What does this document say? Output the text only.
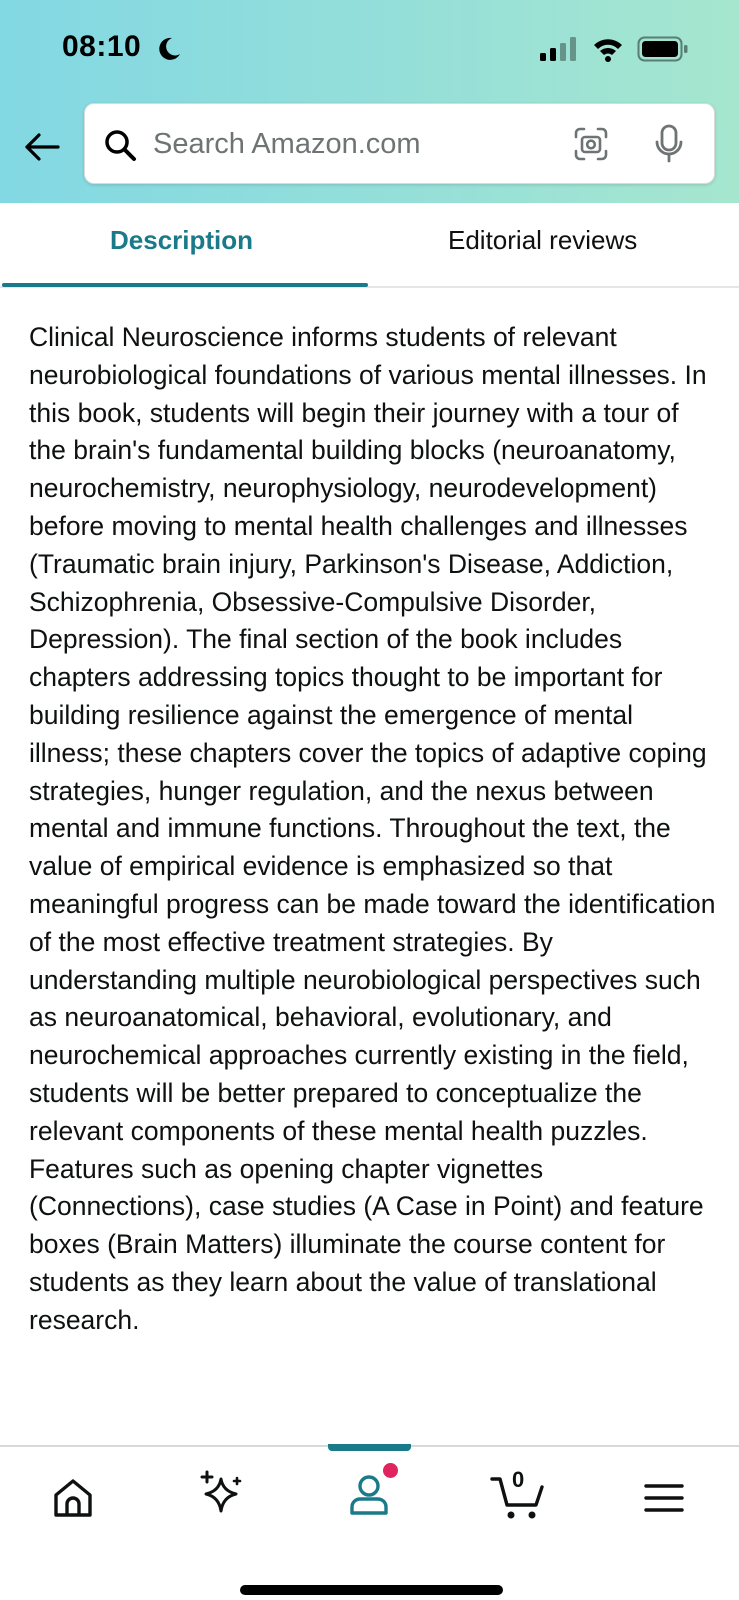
08:10
Search Amazon.com
Description	Editorial reviews

Clinical Neuroscience informs students of relevant neurobiological foundations of various mental illnesses. In this book, students will begin their journey with a tour of the brain's fundamental building blocks (neuroanatomy, neurochemistry, neurophysiology, neurodevelopment) before moving to mental health challenges and illnesses (Traumatic brain injury, Parkinson's Disease, Addiction, Schizophrenia, Obsessive-Compulsive Disorder, Depression). The final section of the book includes chapters addressing topics thought to be important for building resilience against the emergence of mental illness; these chapters cover the topics of adaptive coping strategies, hunger regulation, and the nexus between mental and immune functions. Throughout the text, the value of empirical evidence is emphasized so that meaningful progress can be made toward the identification of the most effective treatment strategies. By understanding multiple neurobiological perspectives such as neuroanatomical, behavioral, evolutionary, and neurochemical approaches currently existing in the field, students will be better prepared to conceptualize the relevant components of these mental health puzzles. Features such as opening chapter vignettes (Connections), case studies (A Case in Point) and feature boxes (Brain Matters) illuminate the course content for students as they learn about the value of translational research.

0
